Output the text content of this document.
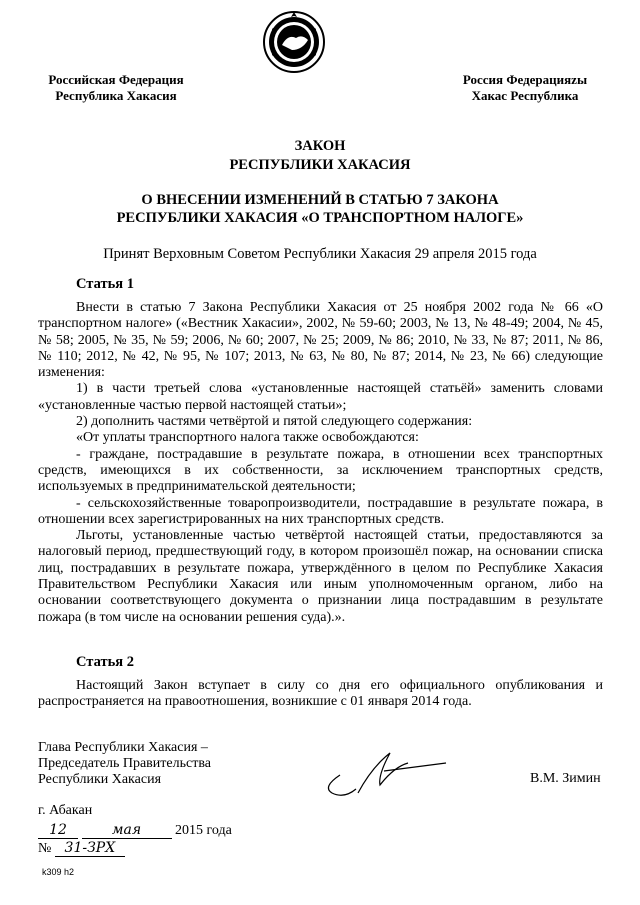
Российская Федерация
Республика Хакасия
Россия Федерацияzы
Хакас Республика
ЗАКОН
РЕСПУБЛИКИ ХАКАСИЯ
О ВНЕСЕНИИ ИЗМЕНЕНИЙ В СТАТЬЮ 7 ЗАКОНА
РЕСПУБЛИКИ ХАКАСИЯ «О ТРАНСПОРТНОМ НАЛОГЕ»
Принят Верховным Советом Республики Хакасия 29 апреля 2015 года
Статья 1

Внести в статью 7 Закона Республики Хакасия от 25 ноября 2002 года № 66 «О транспортном налоге» («Вестник Хакасии», 2002, № 59-60; 2003, № 13, № 48-49; 2004, № 45, № 58; 2005, № 35, № 59; 2006, № 60; 2007, № 25; 2009, № 86; 2010, № 33, № 87; 2011, № 86, № 110; 2012, № 42, № 95, № 107; 2013, № 63, № 80, № 87; 2014, № 23, № 66) следующие изменения:

1) в части третьей слова «установленные настоящей статьёй» заменить словами «установленные частью первой настоящей статьи»;

2) дополнить частями четвёртой и пятой следующего содержания:

«От уплаты транспортного налога также освобождаются:

- граждане, пострадавшие в результате пожара, в отношении всех транспортных средств, имеющихся в их собственности, за исключением транспортных средств, используемых в предпринимательской деятельности;

- сельскохозяйственные товаропроизводители, пострадавшие в результате пожара, в отношении всех зарегистрированных на них транспортных средств.

Льготы, установленные частью четвёртой настоящей статьи, предоставляются за налоговый период, предшествующий году, в котором произошёл пожар, на основании списка лиц, пострадавших в результате пожара, утверждённого в целом по Республике Хакасия Правительством Республики Хакасия или иным уполномоченным органом, либо на основании соответствующего документа о признании лица пострадавшим в результате пожара (в том числе на основании решения суда).».

Статья 2

Настоящий Закон вступает в силу со дня его официального опубликования и распространяется на правоотношения, возникшие с 01 января 2014 года.

Глава Республики Хакасия –
Председатель Правительства
Республики Хакасия	В.М. Зимин
г. Абакан
12	мая 2015 года
№ 31-ЗРХ
k309 h2
